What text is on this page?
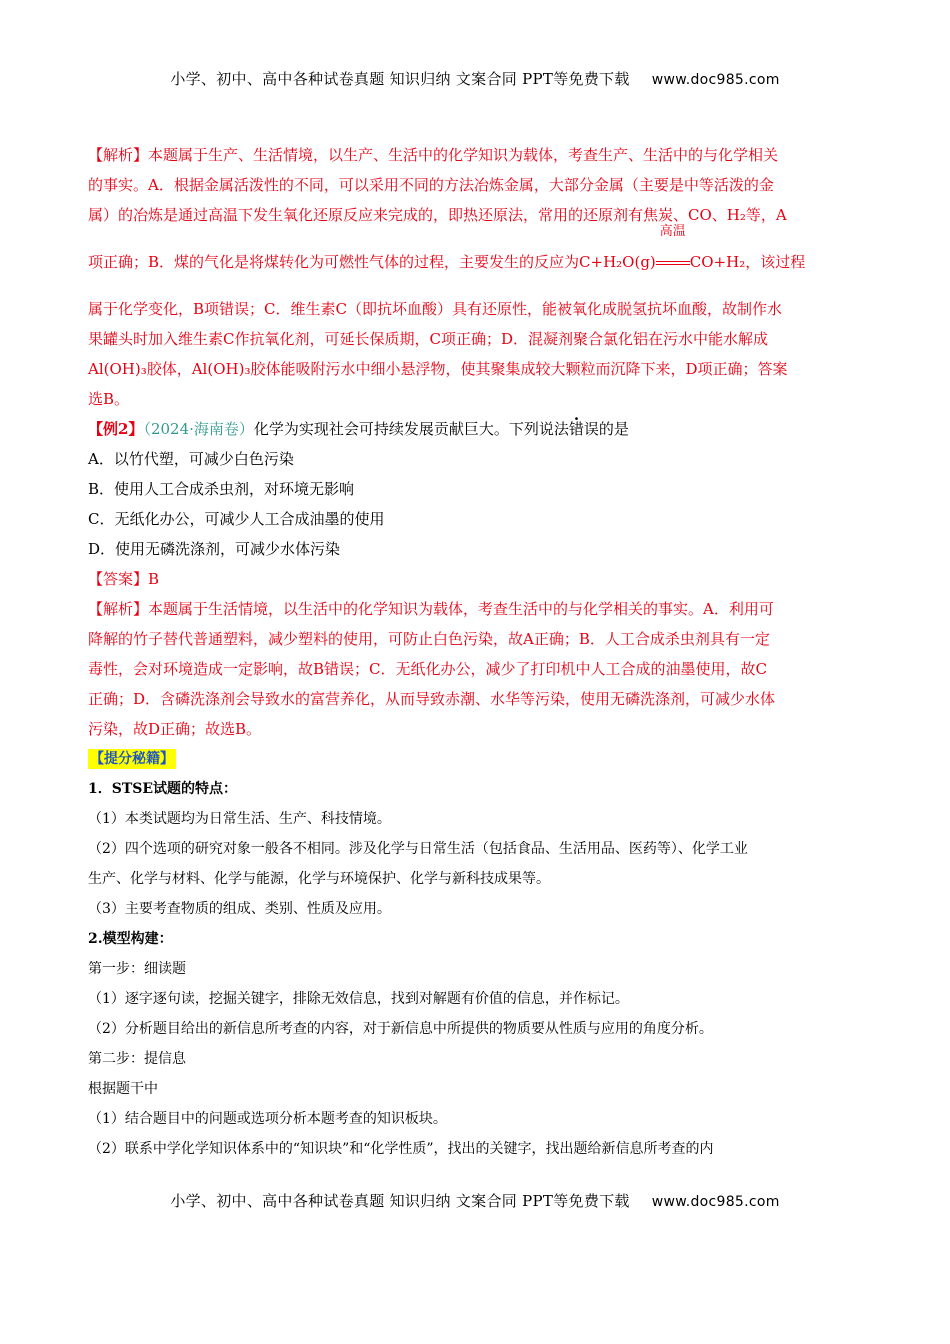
小学、初中、高中各种试卷真题 知识归纳 文案合同 PPT等免费下载 www.doc985.com

【解析】本题属于生产、生活情境，以生产、生活中的化学知识为载体，考查生产、生活中的与化学相关

的事实。A．根据金属活泼性的不同，可以采用不同的方法冶炼金属，大部分金属（主要是中等活泼的金

属）的冶炼是通过高温下发生氧化还原反应来完成的，即热还原法，常用的还原剂有焦炭、CO、H₂等，A

项正确；B．煤的气化是将煤转化为可燃性气体的过程，主要发生的反应为C+H₂O(g)
高温
CO+H₂，该过程

属于化学变化，B项错误；C．维生素C（即抗坏血酸）具有还原性，能被氧化成脱氢抗坏血酸，故制作水

果罐头时加入维生素C作抗氧化剂，可延长保质期，C项正确；D．混凝剂聚合氯化铝在污水中能水解成

Al(OH)₃胶体，Al(OH)₃胶体能吸附污水中细小悬浮物，使其聚集成较大颗粒而沉降下来，D项正确；答案

选B。

【例2】（2024·海南卷）化学为实现社会可持续发展贡献巨大。下列说法错误的是

A．以竹代塑，可减少白色污染

B．使用人工合成杀虫剂，对环境无影响

C．无纸化办公，可减少人工合成油墨的使用

D．使用无磷洗涤剂，可减少水体污染

【答案】B

【解析】本题属于生活情境，以生活中的化学知识为载体，考查生活中的与化学相关的事实。A．利用可

降解的竹子替代普通塑料，减少塑料的使用，可防止白色污染，故A正确；B．人工合成杀虫剂具有一定

毒性，会对环境造成一定影响，故B错误；C．无纸化办公，减少了打印机中人工合成的油墨使用，故C

正确；D．含磷洗涤剂会导致水的富营养化，从而导致赤潮、水华等污染，使用无磷洗涤剂，可减少水体

污染，故D正确；故选B。

【提分秘籍】

1．STSE试题的特点：

（1）本类试题均为日常生活、生产、科技情境。

（2）四个选项的研究对象一般各不相同。涉及化学与日常生活（包括食品、生活用品、医药等）、化学工业

生产、化学与材料、化学与能源，化学与环境保护、化学与新科技成果等。

（3）主要考查物质的组成、类别、性质及应用。

2.模型构建：

第一步：细读题

（1）逐字逐句读，挖掘关键字，排除无效信息，找到对解题有价值的信息，并作标记。

（2）分析题目给出的新信息所考查的内容，对于新信息中所提供的物质要从性质与应用的角度分析。

第二步：提信息

根据题干中

（1）结合题目中的问题或选项分析本题考查的知识板块。

（2）联系中学化学知识体系中的“知识块”和“化学性质”，找出的关键字，找出题给新信息所考查的内

小学、初中、高中各种试卷真题 知识归纳 文案合同 PPT等免费下载 www.doc985.com
